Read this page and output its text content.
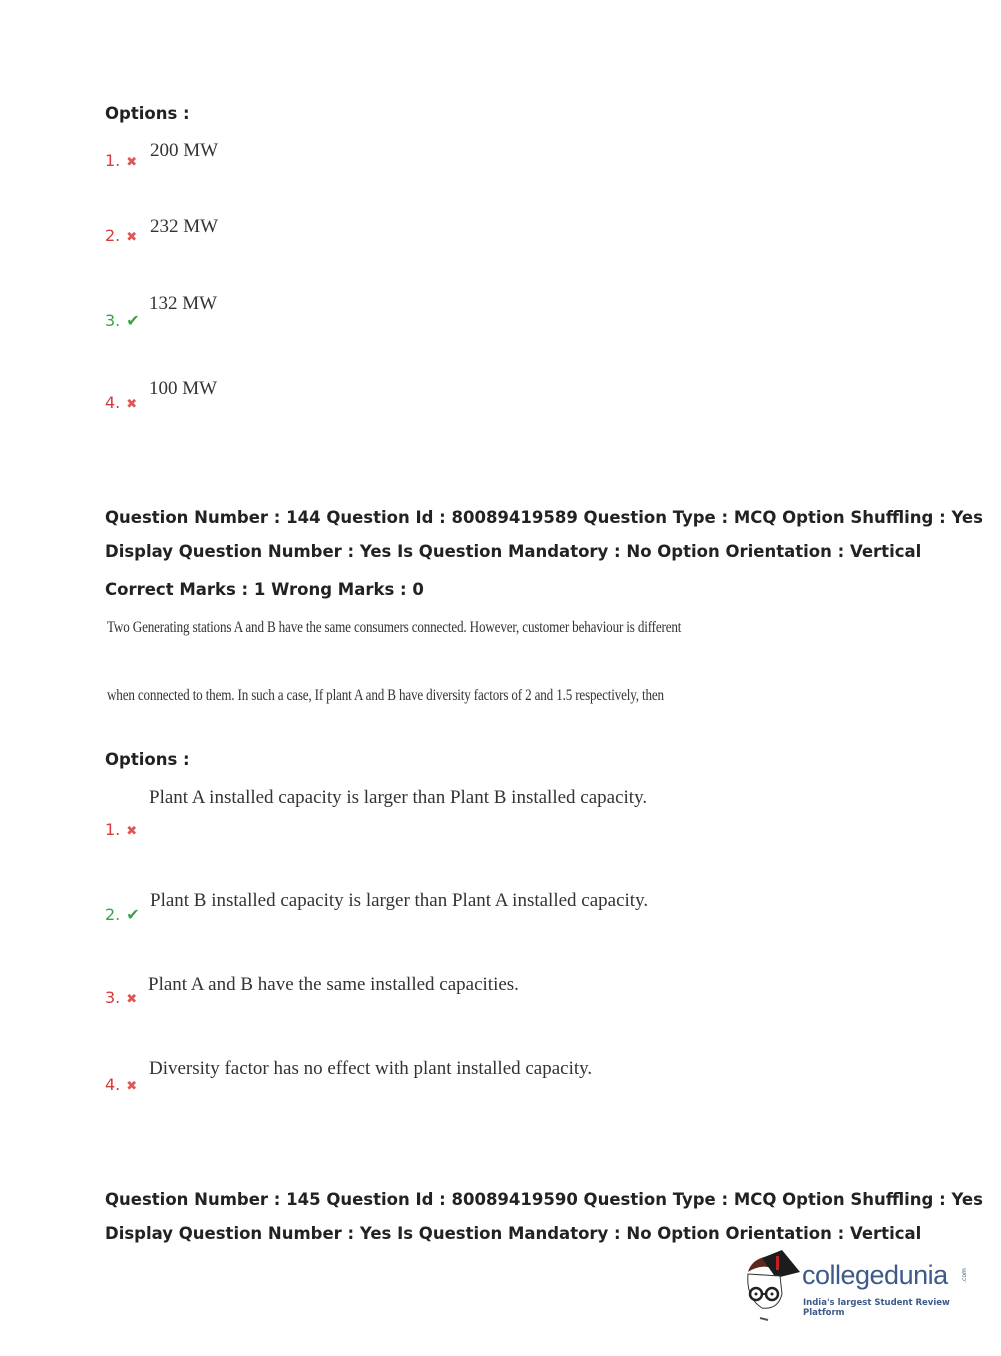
Options :
1. ✖
200 MW
2. ✖
232 MW
3. ✔
132 MW
4. ✖
100 MW
Question Number : 144 Question Id : 80089419589 Question Type : MCQ Option Shuffling : Yes
Display Question Number : Yes Is Question Mandatory : No Option Orientation : Vertical
Correct Marks : 1 Wrong Marks : 0
Two Generating stations A and B have the same consumers connected. However, customer behaviour is different
when connected to them. In such a case, If plant A and B have diversity factors of 2 and 1.5 respectively, then
Options :
1. ✖
Plant A installed capacity is larger than Plant B installed capacity.
2. ✔
Plant B installed capacity is larger than Plant A installed capacity.
3. ✖
Plant A and B have the same installed capacities.
4. ✖
Diversity factor has no effect with plant installed capacity.
Question Number : 145 Question Id : 80089419590 Question Type : MCQ Option Shuffling : Yes
Display Question Number : Yes Is Question Mandatory : No Option Orientation : Vertical
collegedunia .com
India's largest Student Review Platform
